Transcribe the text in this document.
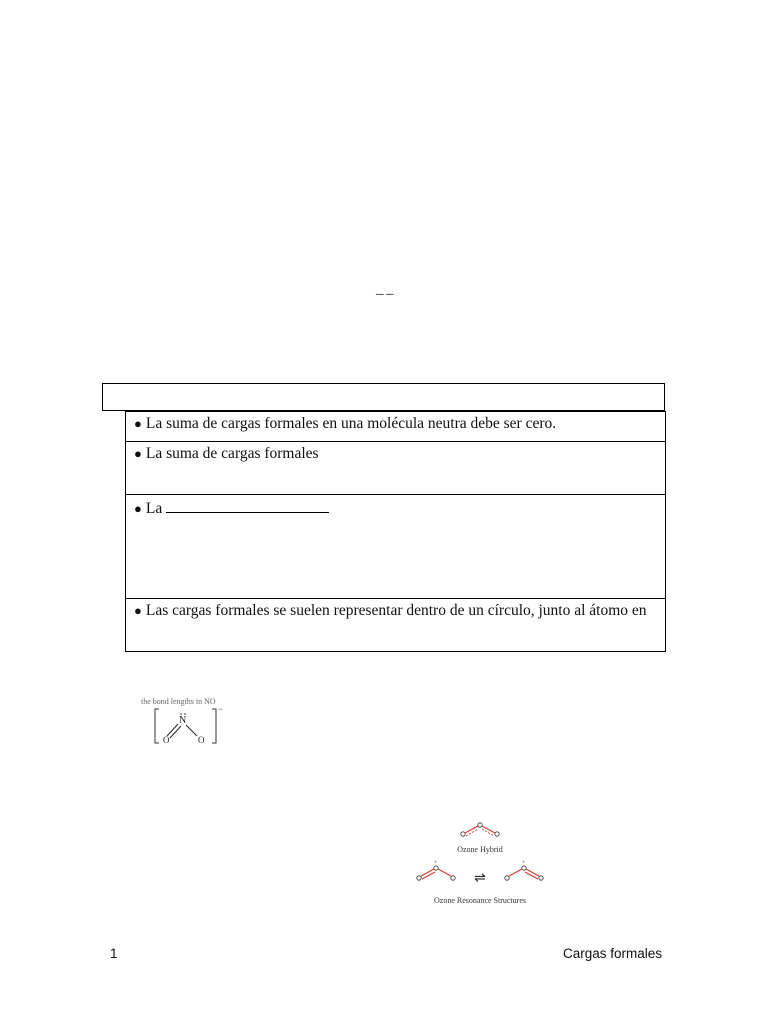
_ _
● La suma de cargas formales en una molécula neutra debe ser cero.
● La suma de cargas formales
● La
● Las cargas formales se suelen representar dentro de un círculo, junto al átomo en
the bond lengths in NO
−
N
O	O
Ozone Hybrid
+
⇌
+
Ozone Resonance Structures
1	Cargas formales
